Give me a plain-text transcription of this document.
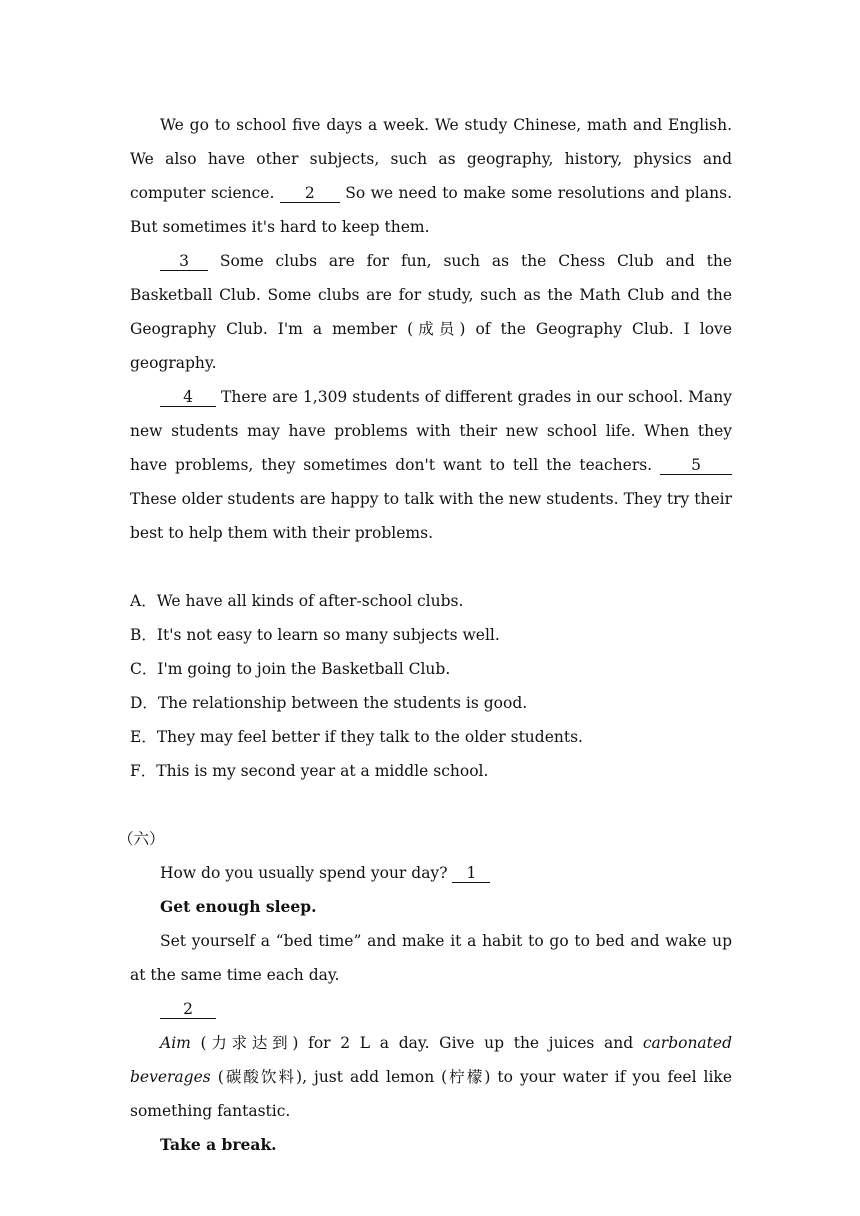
We go to school five days a week. We study Chinese, math and English. We also have other subjects, such as geography, history, physics and computer science. 2 So we need to make some resolutions and plans. But sometimes it's hard to keep them.

3 Some clubs are for fun, such as the Chess Club and the Basketball Club. Some clubs are for study, such as the Math Club and the Geography Club. I'm a member (成员) of the Geography Club. I love geography.

4 There are 1,309 students of different grades in our school. Many new students may have problems with their new school life. When they have problems, they sometimes don't want to tell the teachers. 5 These older students are happy to talk with the new students. They try their best to help them with their problems.

A．We have all kinds of after-school clubs.

B．It's not easy to learn so many subjects well.

C．I'm going to join the Basketball Club.

D．The relationship between the students is good.

E．They may feel better if they talk to the older students.

F．This is my second year at a middle school.

（六）

How do you usually spend your day? 1

Get enough sleep.

Set yourself a “bed time” and make it a habit to go to bed and wake up at the same time each day.

2

Aim (力求达到) for 2 L a day. Give up the juices and carbonated beverages (碳酸饮料), just add lemon (柠檬) to your water if you feel like something fantastic.

Take a break.
